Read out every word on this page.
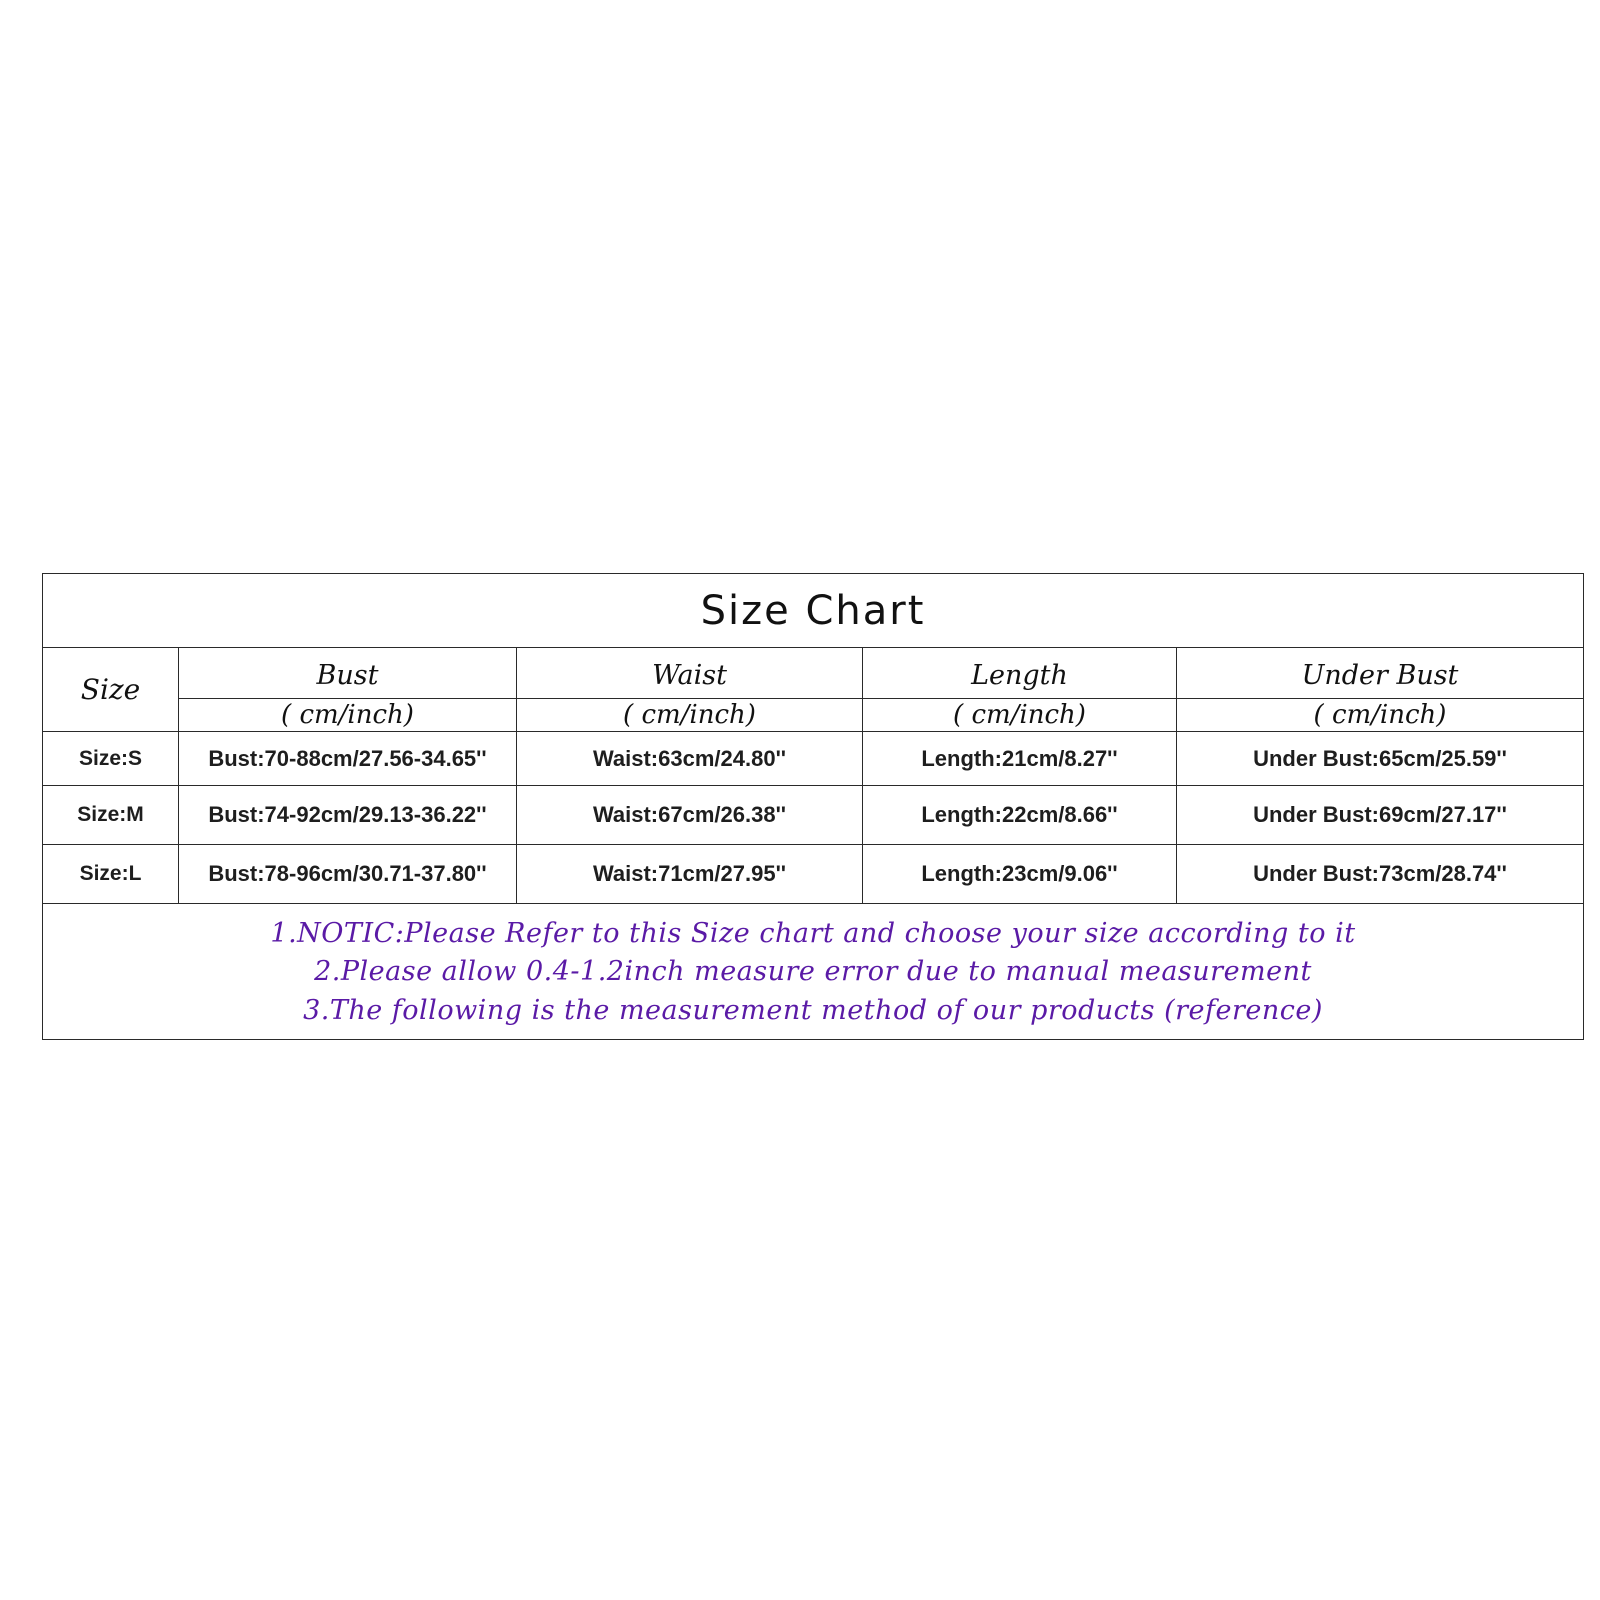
Size Chart
Size	Bust	Waist	Length	Under Bust
( cm/inch)	( cm/inch)	( cm/inch)	( cm/inch)
Size:S	Bust:70-88cm/27.56-34.65''	Waist:63cm/24.80''	Length:21cm/8.27''	Under Bust:65cm/25.59''
Size:M	Bust:74-92cm/29.13-36.22''	Waist:67cm/26.38''	Length:22cm/8.66''	Under Bust:69cm/27.17''
Size:L	Bust:78-96cm/30.71-37.80''	Waist:71cm/27.95''	Length:23cm/9.06''	Under Bust:73cm/28.74''
1.NOTIC:Please Refer to this Size chart and choose your size according to it
2.Please allow 0.4-1.2inch measure error due to manual measurement
3.The following is the measurement method of our products (reference)
